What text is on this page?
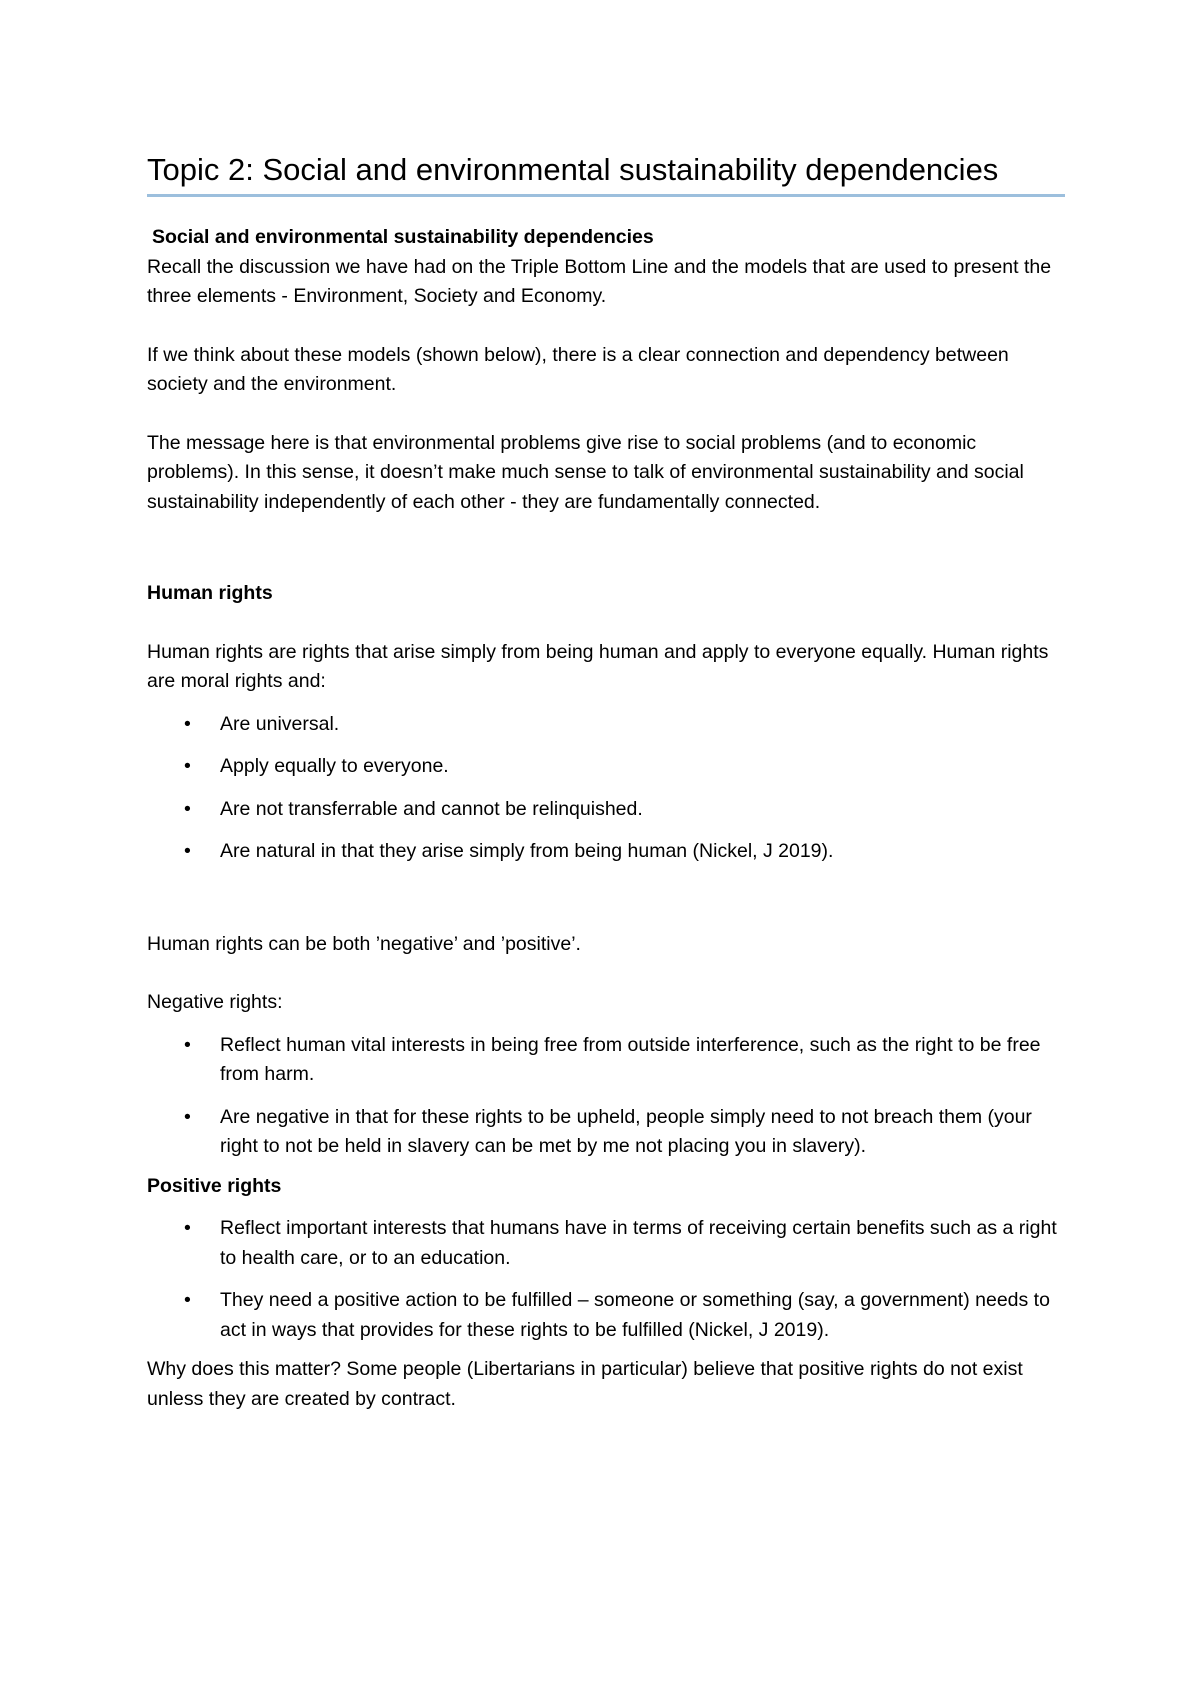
Topic 2: Social and environmental sustainability dependencies

Social and environmental sustainability dependencies

Recall the discussion we have had on the Triple Bottom Line and the models that are used to present the three elements - Environment, Society and Economy.

If we think about these models (shown below), there is a clear connection and dependency between society and the environment.

The message here is that environmental problems give rise to social problems (and to economic problems). In this sense, it doesn’t make much sense to talk of environmental sustainability and social sustainability independently of each other - they are fundamentally connected.

Human rights

Human rights are rights that arise simply from being human and apply to everyone equally. Human rights are moral rights and:

• Are universal.
• Apply equally to everyone.
• Are not transferrable and cannot be relinquished.
• Are natural in that they arise simply from being human (Nickel, J 2019).

Human rights can be both ’negative’ and ’positive’.

Negative rights:

• Reflect human vital interests in being free from outside interference, such as the right to be free from harm.
• Are negative in that for these rights to be upheld, people simply need to not breach them (your right to not be held in slavery can be met by me not placing you in slavery).

Positive rights

• Reflect important interests that humans have in terms of receiving certain benefits such as a right to health care, or to an education.
• They need a positive action to be fulfilled – someone or something (say, a government) needs to act in ways that provides for these rights to be fulfilled (Nickel, J 2019).

Why does this matter? Some people (Libertarians in particular) believe that positive rights do not exist unless they are created by contract.
